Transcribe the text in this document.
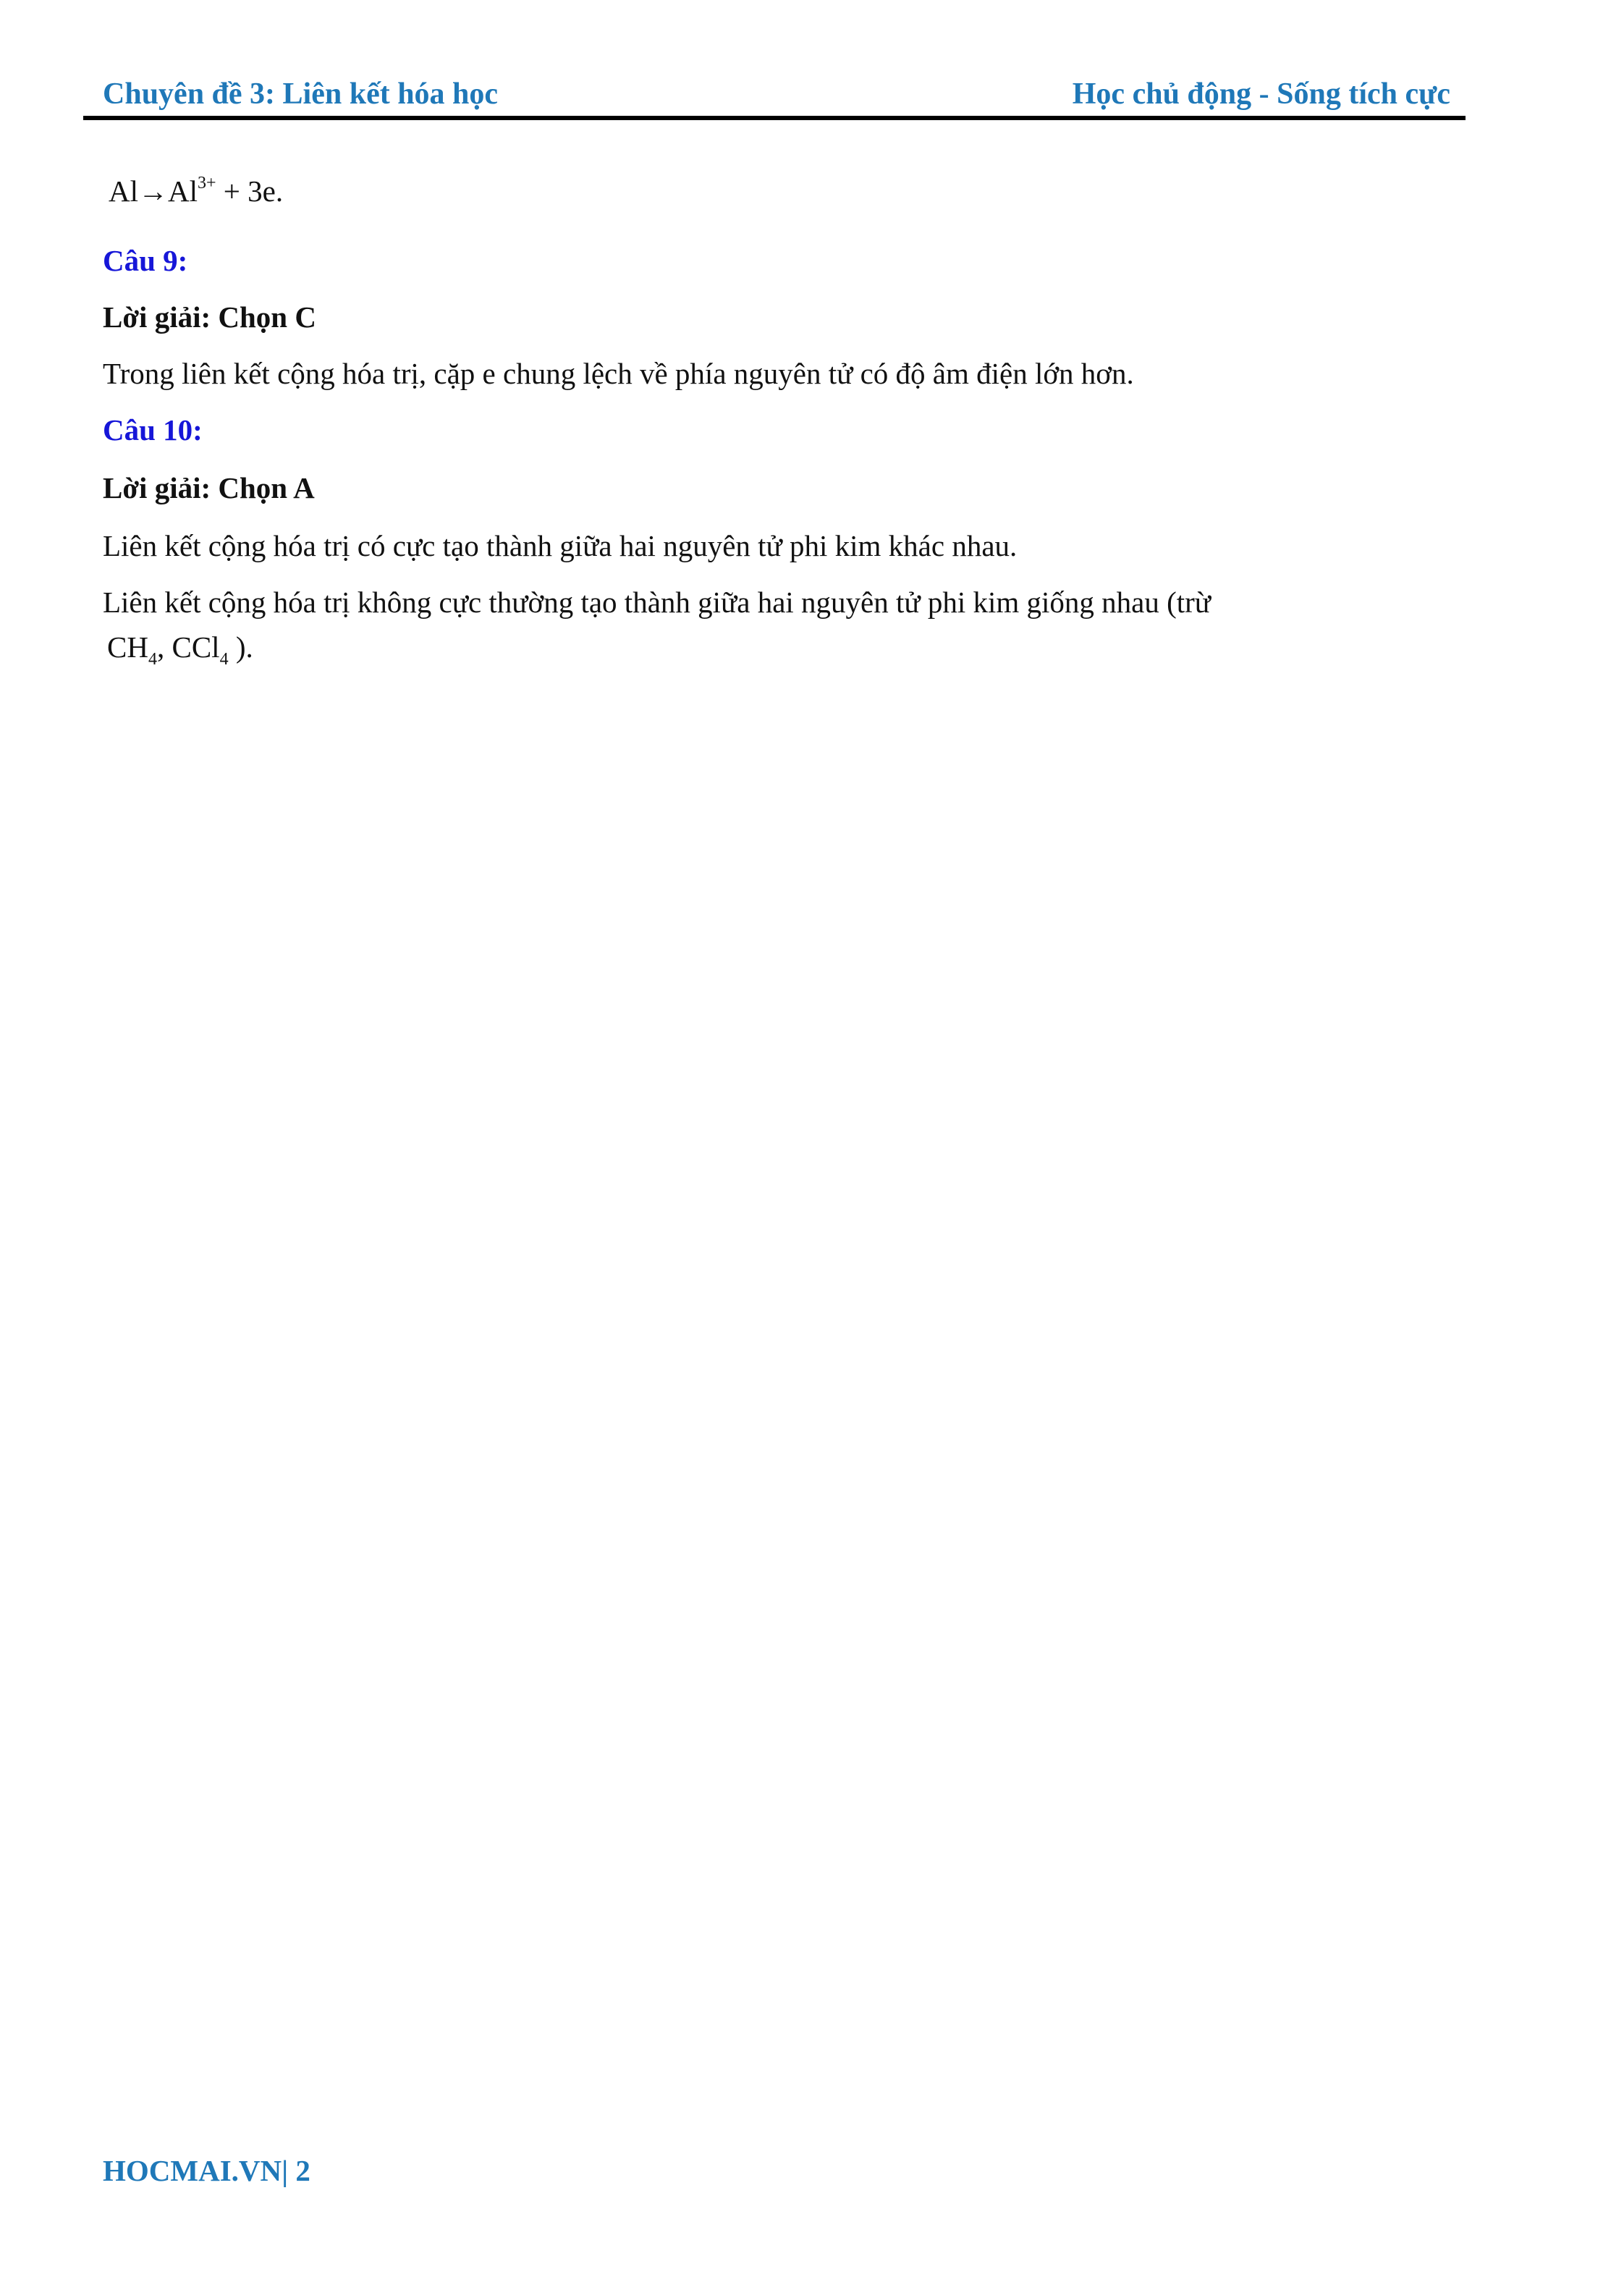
Chuyên đề 3: Liên kết hóa học	Học chủ động - Sống tích cực
$Al\to Al^{3+} + 3e$.
Câu 9:
Lời giải: Chọn C
Trong liên kết cộng hóa trị, cặp e chung lệch về phía nguyên tử có độ âm điện lớn hơn.
Câu 10:
Lời giải: Chọn A
Liên kết cộng hóa trị có cực tạo thành giữa hai nguyên tử phi kim khác nhau.
Liên kết cộng hóa trị không cực thường tạo thành giữa hai nguyên tử phi kim giống nhau (trừ
$CH_4$, CCl$_4$ ).
HOCMAI.VN| 2
